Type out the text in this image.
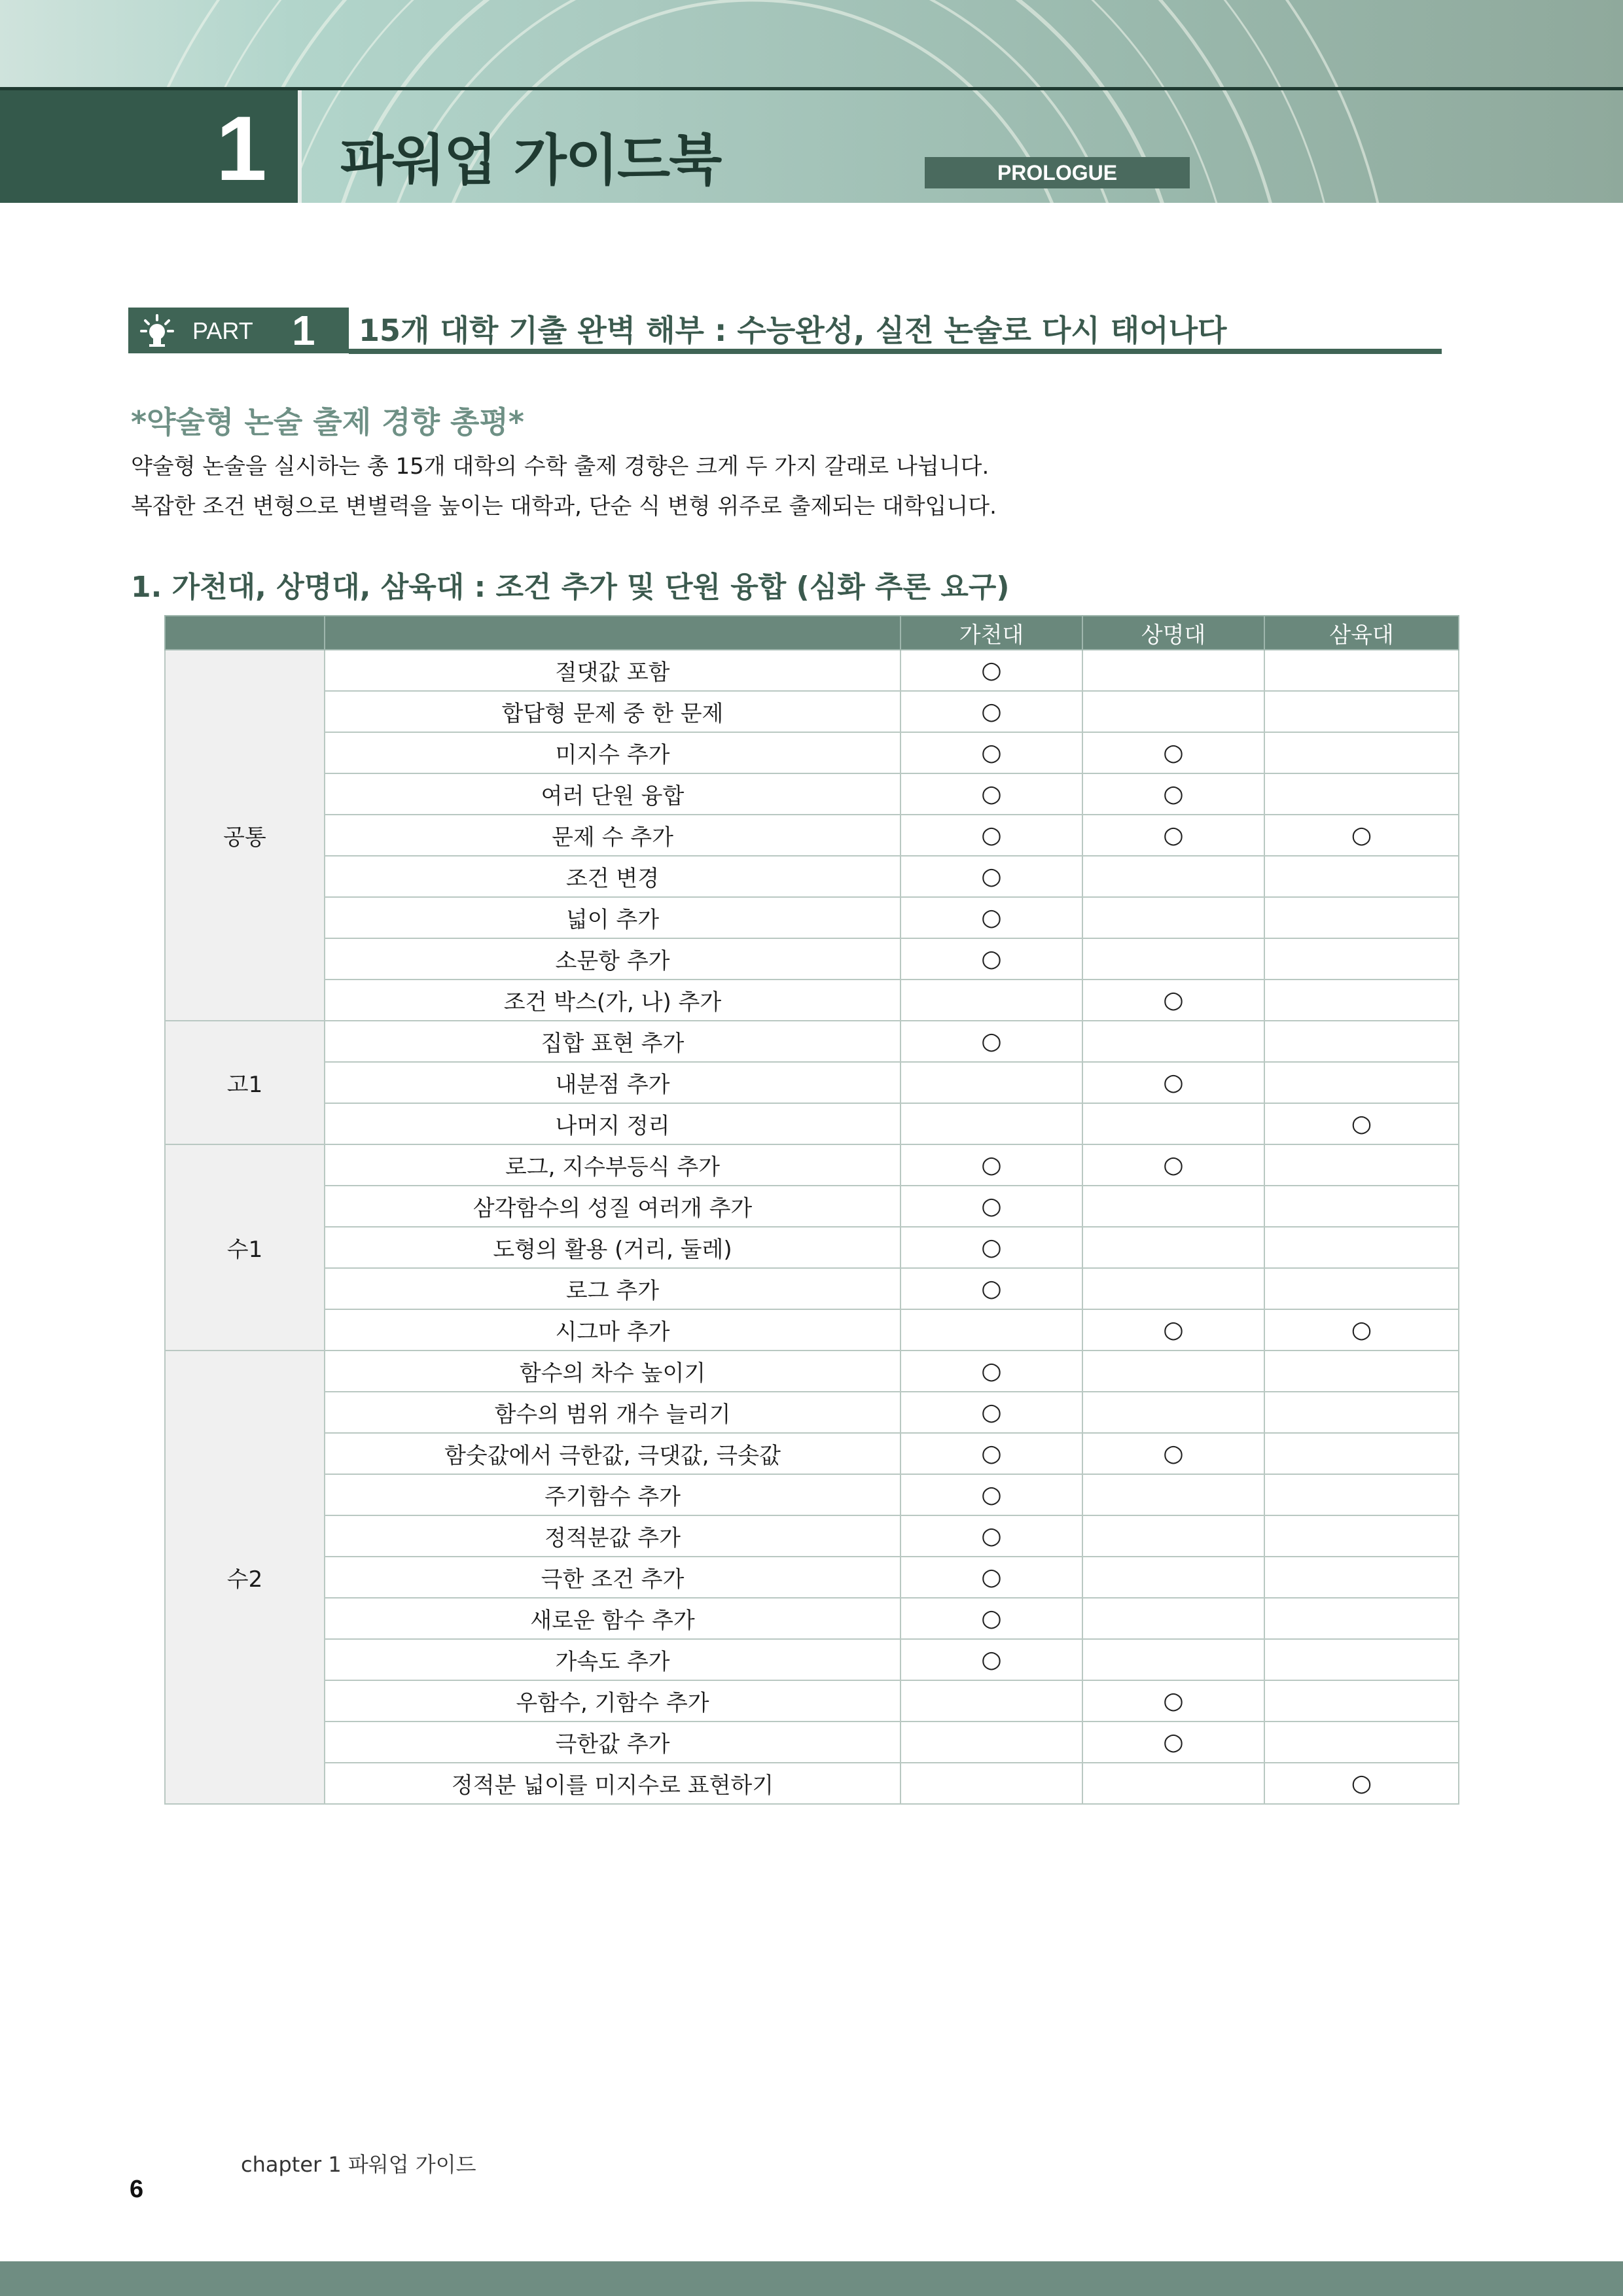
1 파워업 가이드북	PROLOGUE
PART 1 15개 대학 기출 완벽 해부 : 수능완성, 실전 논술로 다시 태어나다
*약술형 논술 출제 경향 총평*
약술형 논술을 실시하는 총 15개 대학의 수학 출제 경향은 크게 두 가지 갈래로 나뉩니다.
복잡한 조건 변형으로 변별력을 높이는 대학과, 단순 식 변형 위주로 출제되는 대학입니다.
1. 가천대, 상명대, 삼육대 : 조건 추가 및 단원 융합 (심화 추론 요구)
		가천대	상명대	삼육대
공통	절댓값 포함	○		
	합답형 문제 중 한 문제	○		
	미지수 추가	○	○	
	여러 단원 융합	○	○	
	문제 수 추가	○	○	○
	조건 변경	○		
	넓이 추가	○		
	소문항 추가	○		
	조건 박스(가, 나) 추가		○	
고1	집합 표현 추가	○		
	내분점 추가		○	
	나머지 정리			○
수1	로그, 지수부등식 추가	○	○	
	삼각함수의 성질 여러개 추가	○		
	도형의 활용 (거리, 둘레)	○		
	로그 추가	○		
	시그마 추가		○	○
수2	함수의 차수 높이기	○		
	함수의 범위 개수 늘리기	○		
	함숫값에서 극한값, 극댓값, 극솟값	○	○	
	주기함수 추가	○		
	정적분값 추가	○		
	극한 조건 추가	○		
	새로운 함수 추가	○		
	가속도 추가	○		
	우함수, 기함수 추가		○	
	극한값 추가		○	
	정적분 넓이를 미지수로 표현하기			○
chapter 1 파워업 가이드
6
